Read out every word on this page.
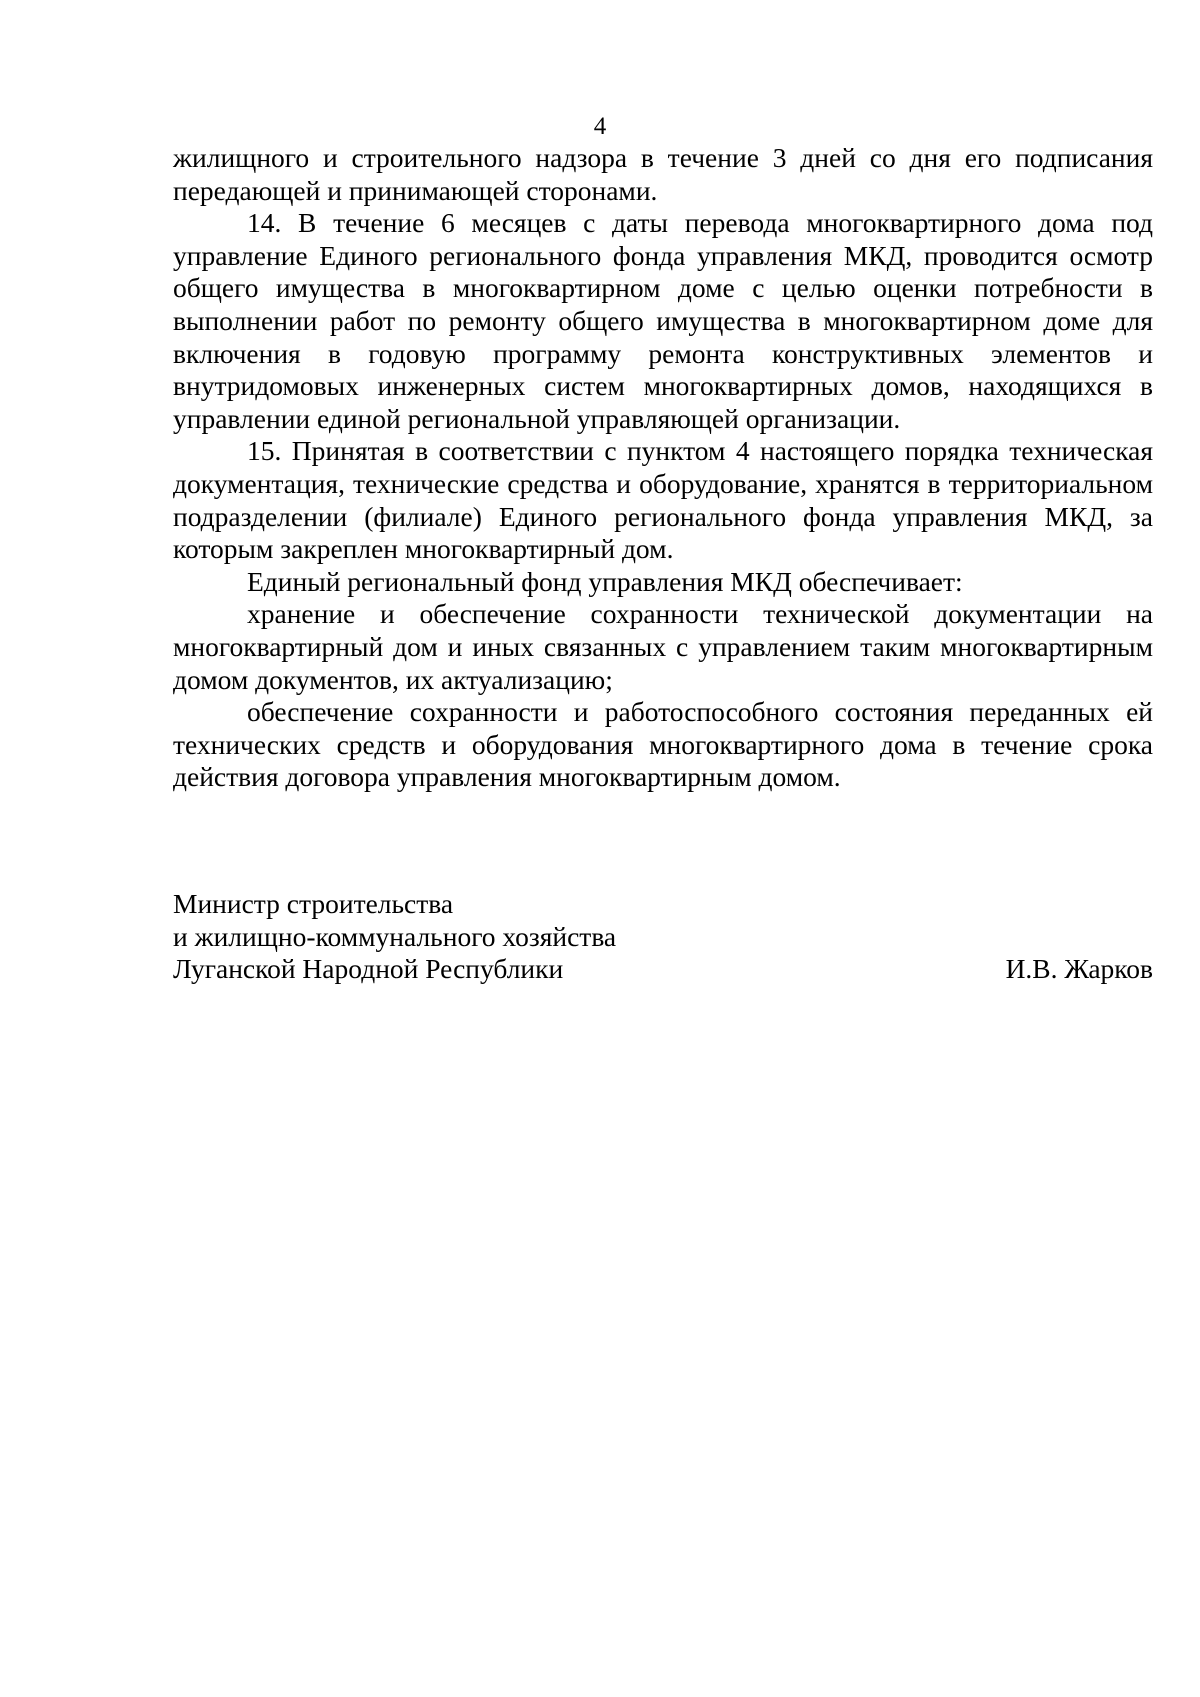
4

жилищного и строительного надзора в течение 3 дней со дня его подписания передающей и принимающей сторонами.

14. В течение 6 месяцев с даты перевода многоквартирного дома под управление Единого регионального фонда управления МКД, проводится осмотр общего имущества в многоквартирном доме с целью оценки потребности в выполнении работ по ремонту общего имущества в многоквартирном доме для включения в годовую программу ремонта конструктивных элементов и внутридомовых инженерных систем многоквартирных домов, находящихся в управлении единой региональной управляющей организации.

15. Принятая в соответствии с пунктом 4 настоящего порядка техническая документация, технические средства и оборудование, хранятся в территориальном подразделении (филиале) Единого регионального фонда управления МКД, за которым закреплен многоквартирный дом.

Единый региональный фонд управления МКД обеспечивает:

хранение и обеспечение сохранности технической документации на многоквартирный дом и иных связанных с управлением таким многоквартирным домом документов, их актуализацию;

обеспечение сохранности и работоспособного состояния переданных ей технических средств и оборудования многоквартирного дома в течение срока действия договора управления многоквартирным домом.

Министр строительства
и жилищно-коммунального хозяйства
Луганской Народной Республики	И.В. Жарков
